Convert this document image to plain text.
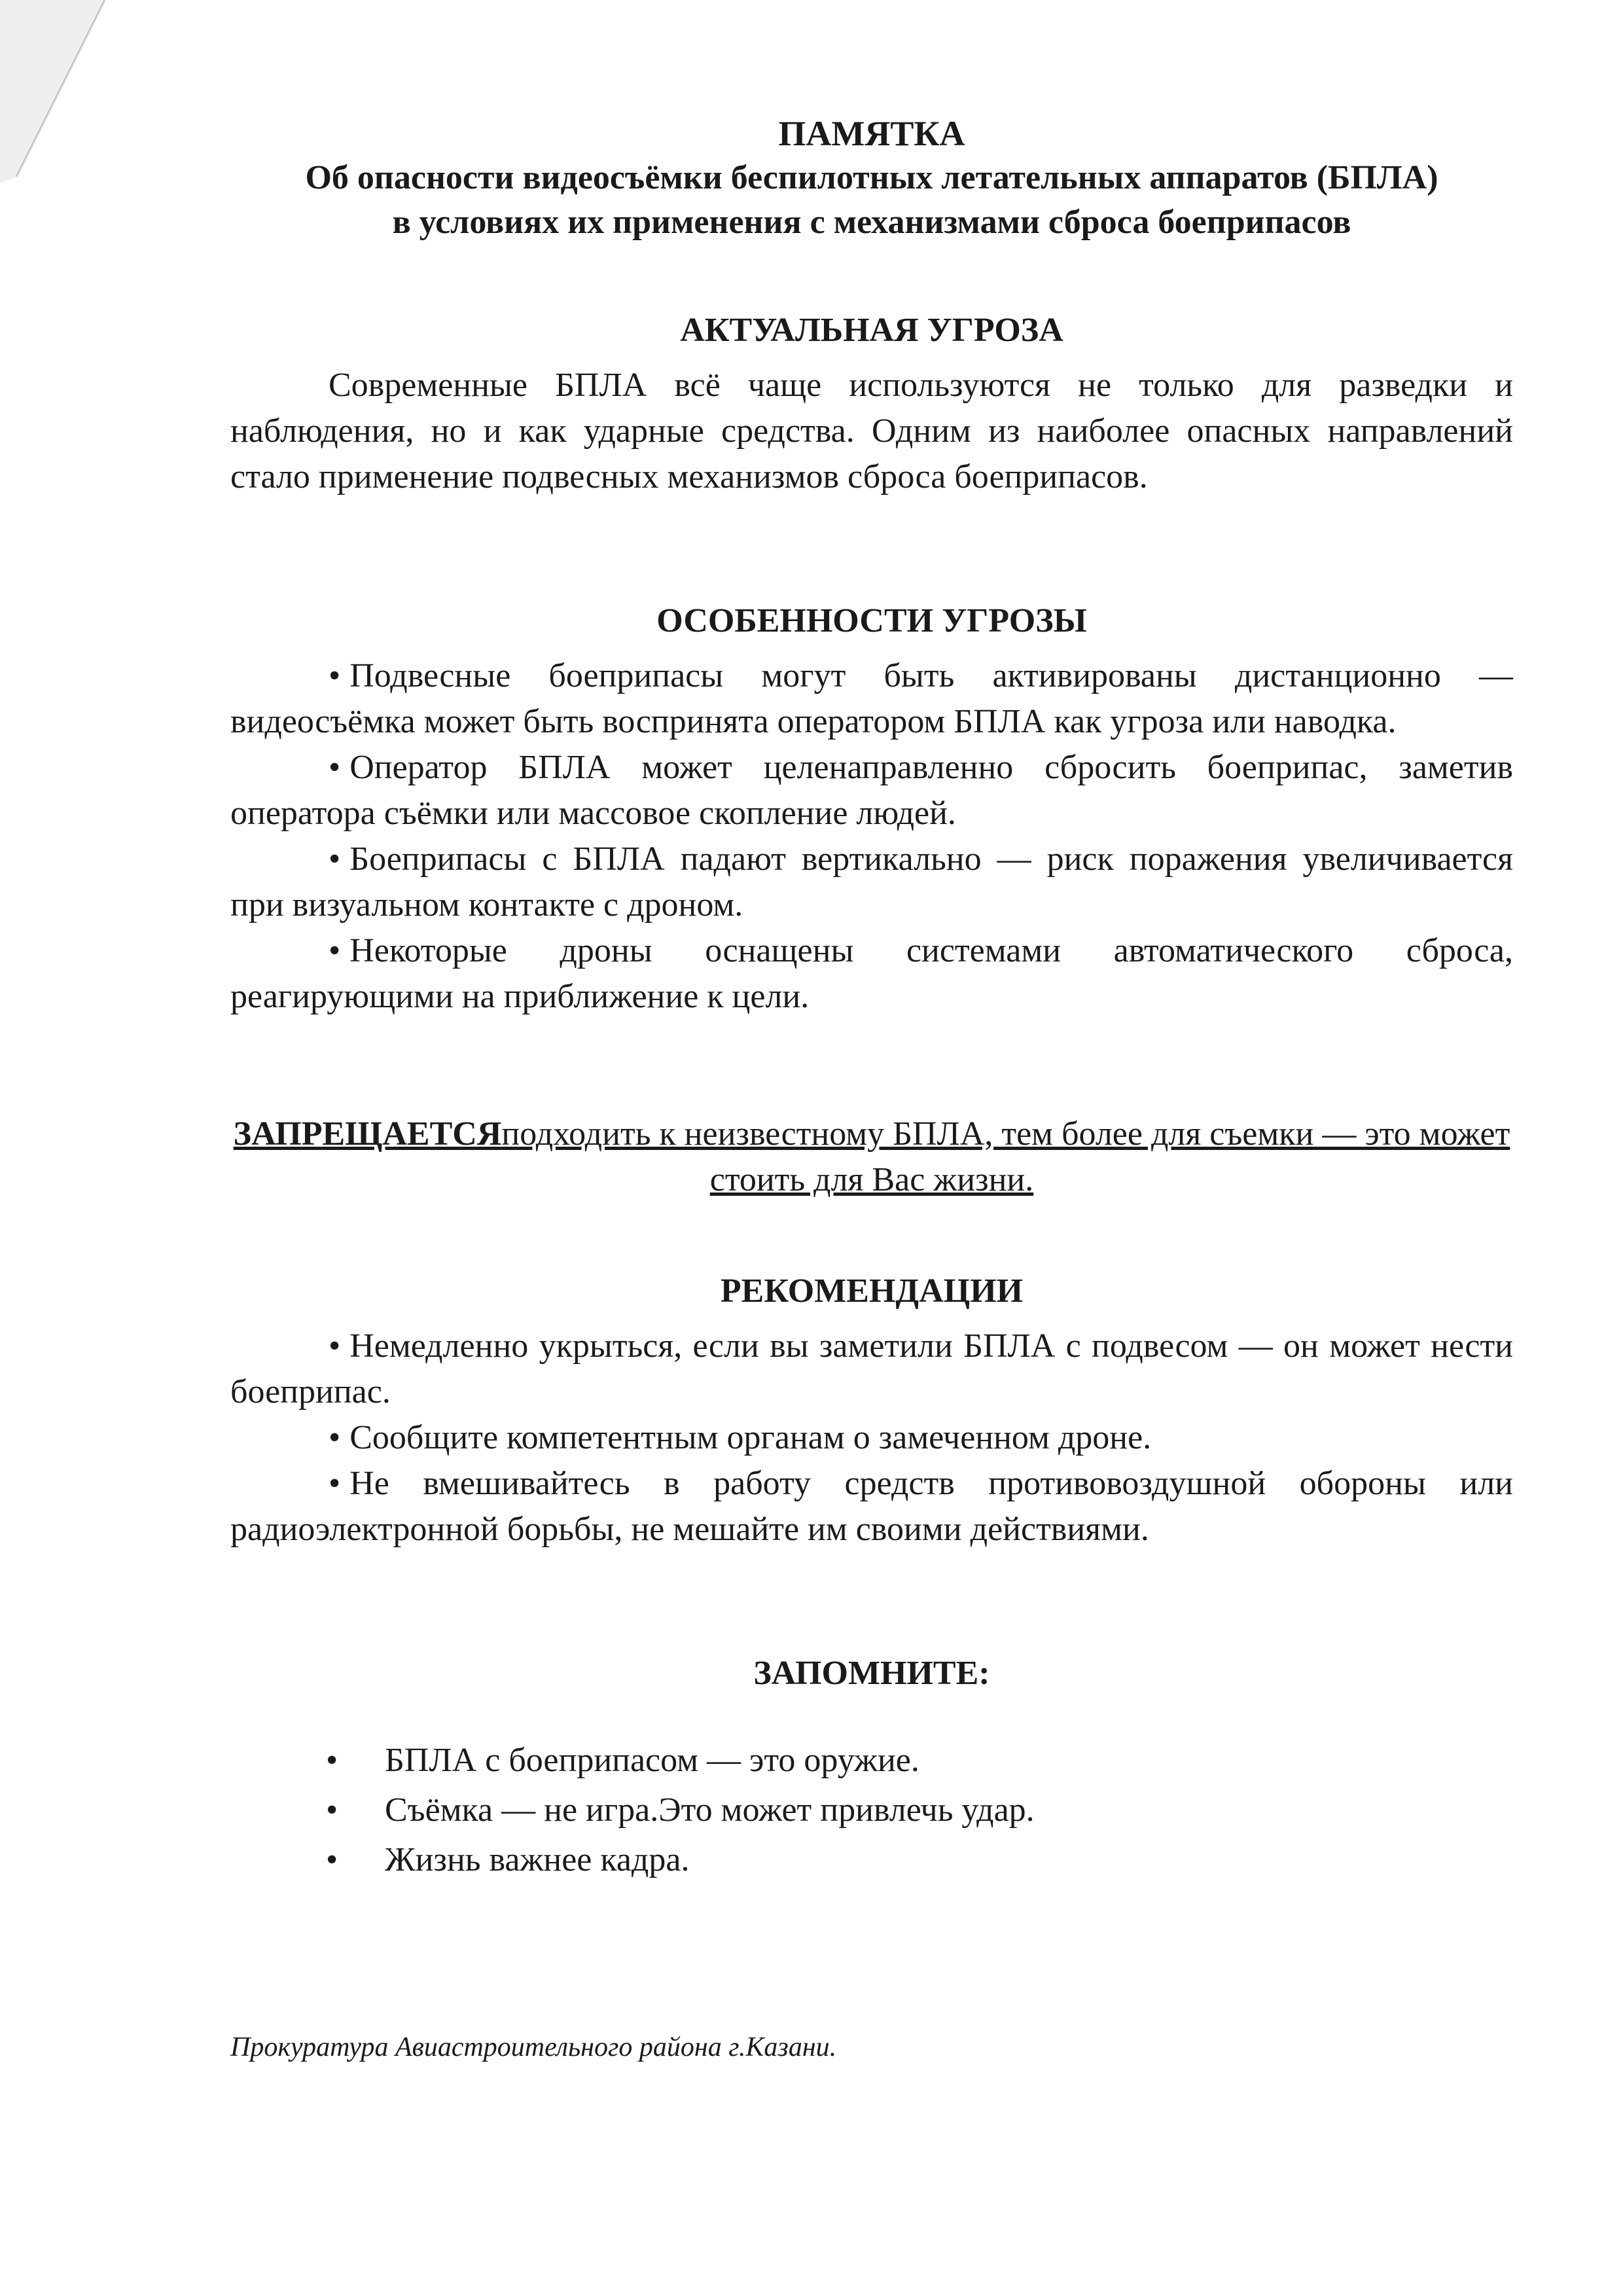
ПАМЯТКА

Об опасности видеосъёмки беспилотных летательных аппаратов (БПЛА)

в условиях их применения с механизмами сброса боеприпасов

АКТУАЛЬНАЯ УГРОЗА

Современные БПЛА всё чаще используются не только для разведки и наблюдения, но и как ударные средства. Одним из наиболее опасных направлений стало применение подвесных механизмов сброса боеприпасов.

ОСОБЕННОСТИ УГРОЗЫ

• Подвесные боеприпасы могут быть активированы дистанционно — видеосъёмка может быть воспринята оператором БПЛА как угроза или наводка.

• Оператор БПЛА может целенаправленно сбросить боеприпас, заметив оператора съёмки или массовое скопление людей.

• Боеприпасы с БПЛА падают вертикально — риск поражения увеличивается при визуальном контакте с дроном.

• Некоторые дроны оснащены системами автоматического сброса, реагирующими на приближение к цели.

ЗАПРЕЩАЕТСЯподходить к неизвестному БПЛА, тем более для съемки — это может стоить для Вас жизни.

РЕКОМЕНДАЦИИ

• Немедленно укрыться, если вы заметили БПЛА с подвесом — он может нести боеприпас.

• Сообщите компетентным органам о замеченном дроне.

• Не вмешивайтесь в работу средств противовоздушной обороны или радиоэлектронной борьбы, не мешайте им своими действиями.

ЗАПОМНИТЕ:

• БПЛА с боеприпасом — это оружие.
• Съёмка — не игра.Это может привлечь удар.
• Жизнь важнее кадра.

Прокуратура Авиастроительного района г.Казани.
